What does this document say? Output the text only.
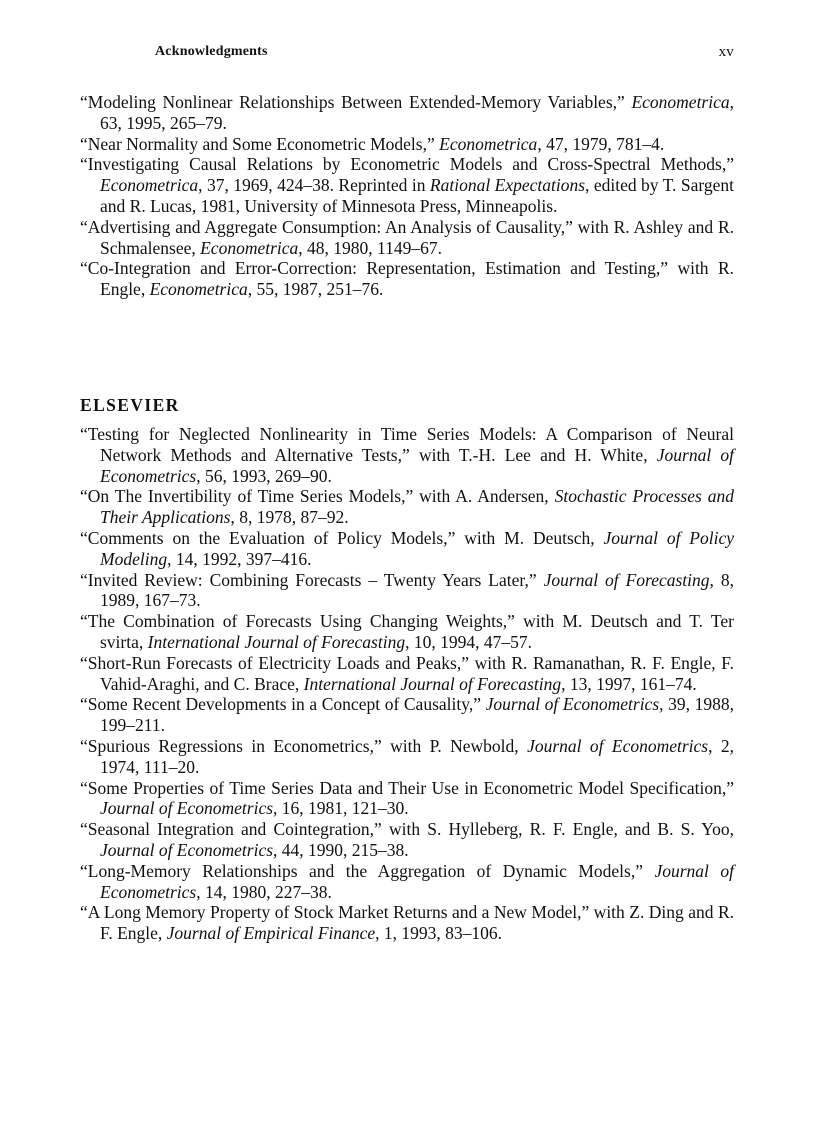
Acknowledgments	xv
“Modeling Nonlinear Relationships Between Extended-Memory Variables,” Econometrica, 63, 1995, 265–79.
“Near Normality and Some Econometric Models,” Econometrica, 47, 1979, 781–4.
“Investigating Causal Relations by Econometric Models and Cross-Spectral Methods,” Econometrica, 37, 1969, 424–38. Reprinted in Rational Expectations, edited by T. Sargent and R. Lucas, 1981, University of Minnesota Press, Minneapolis.
“Advertising and Aggregate Consumption: An Analysis of Causality,” with R. Ashley and R. Schmalensee, Econometrica, 48, 1980, 1149–67.
“Co-Integration and Error-Correction: Representation, Estimation and Testing,” with R. Engle, Econometrica, 55, 1987, 251–76.
ELSEVIER
“Testing for Neglected Nonlinearity in Time Series Models: A Comparison of Neural Network Methods and Alternative Tests,” with T.-H. Lee and H. White, Journal of Econometrics, 56, 1993, 269–90.
“On The Invertibility of Time Series Models,” with A. Andersen, Stochastic Processes and Their Applications, 8, 1978, 87–92.
“Comments on the Evaluation of Policy Models,” with M. Deutsch, Journal of Policy Modeling, 14, 1992, 397–416.
“Invited Review: Combining Forecasts – Twenty Years Later,” Journal of Forecasting, 8, 1989, 167–73.
“The Combination of Forecasts Using Changing Weights,” with M. Deutsch and T. Ter svirta, International Journal of Forecasting, 10, 1994, 47–57.
“Short-Run Forecasts of Electricity Loads and Peaks,” with R. Ramanathan, R. F. Engle, F. Vahid-Araghi, and C. Brace, International Journal of Forecasting, 13, 1997, 161–74.
“Some Recent Developments in a Concept of Causality,” Journal of Econometrics, 39, 1988, 199–211.
“Spurious Regressions in Econometrics,” with P. Newbold, Journal of Econometrics, 2, 1974, 111–20.
“Some Properties of Time Series Data and Their Use in Econometric Model Specification,” Journal of Econometrics, 16, 1981, 121–30.
“Seasonal Integration and Cointegration,” with S. Hylleberg, R. F. Engle, and B. S. Yoo, Journal of Econometrics, 44, 1990, 215–38.
“Long-Memory Relationships and the Aggregation of Dynamic Models,” Journal of Econometrics, 14, 1980, 227–38.
“A Long Memory Property of Stock Market Returns and a New Model,” with Z. Ding and R. F. Engle, Journal of Empirical Finance, 1, 1993, 83–106.
